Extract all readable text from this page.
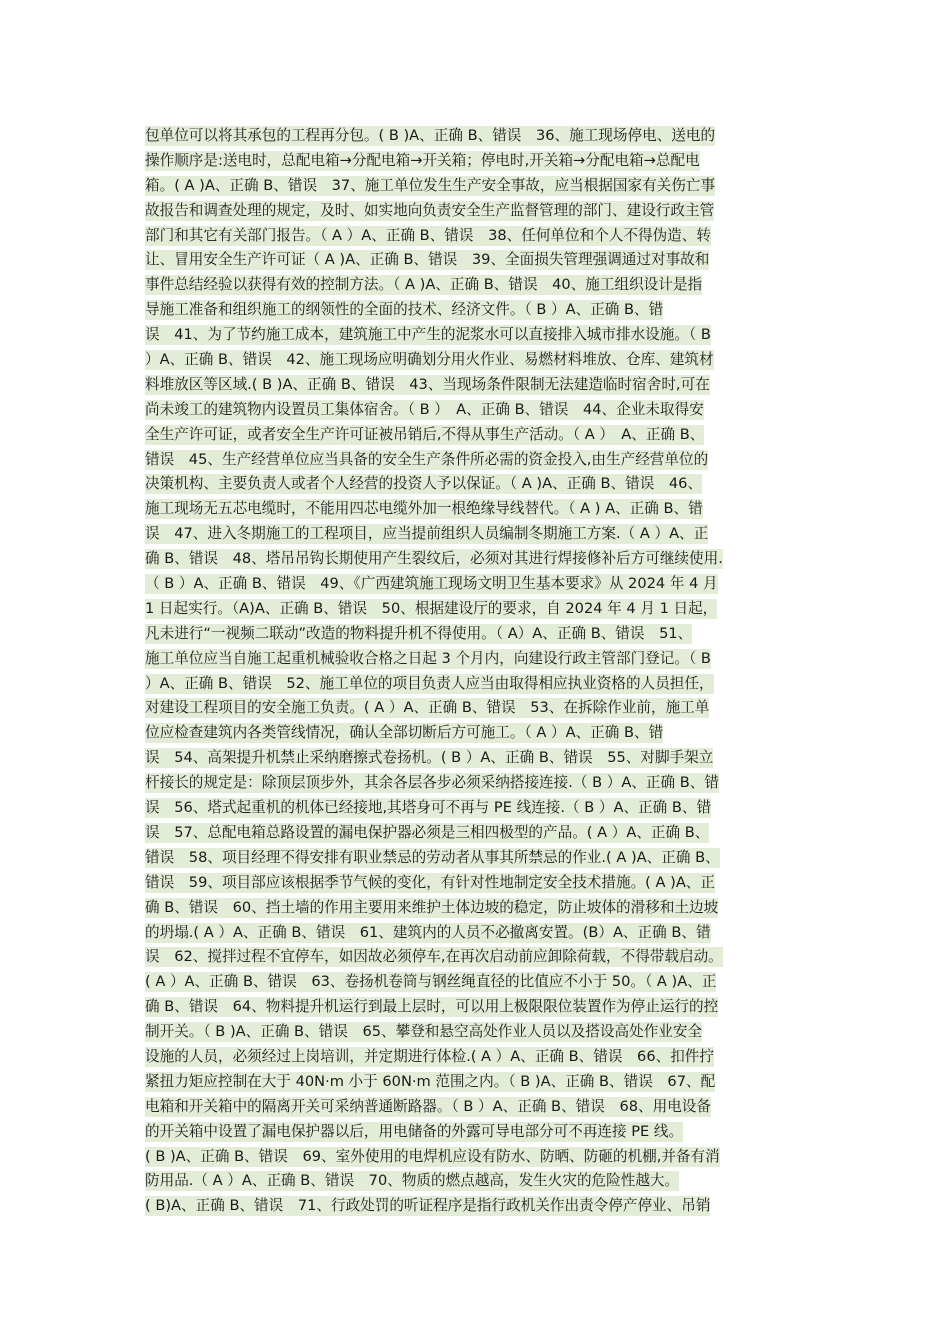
包单位可以将其承包的工程再分包。( B )A、正确 B、错误　36、施工现场停电、送电的
操作顺序是:送电时，总配电箱→分配电箱→开关箱；停电时,开关箱→分配电箱→总配电
箱。( A )A、正确 B、错误　37、施工单位发生生产安全事故，应当根据国家有关伤亡事
故报告和调查处理的规定，及时、如实地向负责安全生产监督管理的部门、建设行政主管
部门和其它有关部门报告。（ A ）A、正确 B、错误　38、任何单位和个人不得伪造、转
让、冒用安全生产许可证（ A )A、正确 B、错误　39、全面损失管理强调通过对事故和
事件总结经验以获得有效的控制方法。（ A )A、正确 B、错误　40、施工组织设计是指
导施工准备和组织施工的纲领性的全面的技术、经济文件。（ B ）A、正确 B、错
误　41、为了节约施工成本，建筑施工中产生的泥浆水可以直接排入城市排水设施。（ B
）A、正确 B、错误　42、施工现场应明确划分用火作业、易燃材料堆放、仓库、建筑材
料堆放区等区域.( B )A、正确 B、错误　43、当现场条件限制无法建造临时宿舍时,可在
尚未竣工的建筑物内设置员工集体宿舍。（ B ）　A、正确 B、错误　44、企业未取得安
全生产许可证，或者安全生产许可证被吊销后,不得从事生产活动。（ A ）　A、正确 B、
错误　45、生产经营单位应当具备的安全生产条件所必需的资金投入,由生产经营单位的
决策机构、主要负责人或者个人经营的投资人予以保证。（ A )A、正确 B、错误　46、
施工现场无五芯电缆时，不能用四芯电缆外加一根绝缘导线替代。（ A ) A、正确 B、错
误　47、进入冬期施工的工程项目，应当提前组织人员编制冬期施工方案.（ A ）A、正
确 B、错误　48、塔吊吊钩长期使用产生裂纹后，必须对其进行焊接修补后方可继续使用.
（ B ）A、正确 B、错误　49、《广西建筑施工现场文明卫生基本要求》从 2024 年 4 月
1 日起实行。（A)A、正确 B、错误　50、根据建设厅的要求，自 2024 年 4 月 1 日起，
凡未进行“一视频二联动”改造的物料提升机不得使用。（ A）A、正确 B、错误　51、
施工单位应当自施工起重机械验收合格之日起 3 个月内，向建设行政主管部门登记。（ B
）A、正确 B、错误　52、施工单位的项目负责人应当由取得相应执业资格的人员担任，
对建设工程项目的安全施工负责。( A ）A、正确 B、错误　53、在拆除作业前，施工单
位应检查建筑内各类管线情况，确认全部切断后方可施工。（ A ）A、正确 B、错
误　54、高架提升机禁止采纳磨擦式卷扬机。( B ）A、正确 B、错误　55、对脚手架立
杆接长的规定是：除顶层顶步外，其余各层各步必须采纳搭接连接.（ B ）A、正确 B、错
误　56、塔式起重机的机体已经接地,其塔身可不再与 PE 线连接.（ B ）A、正确 B、错
误　57、总配电箱总路设置的漏电保护器必须是三相四极型的产品。( A ）A、正确 B、
错误　58、项目经理不得安排有职业禁忌的劳动者从事其所禁忌的作业.( A )A、正确 B、
错误　59、项目部应该根据季节气候的变化，有针对性地制定安全技术措施。( A )A、正
确 B、错误　60、挡土墙的作用主要用来维护土体边坡的稳定，防止坡体的滑移和土边坡
的坍塌.( A ）A、正确 B、错误　61、建筑内的人员不必撤离安置。(B）A、正确 B、错
误　62、搅拌过程不宜停车，如因故必须停车,在再次启动前应卸除荷载，不得带载启动。
( A ）A、正确 B、错误　63、卷扬机卷筒与钢丝绳直径的比值应不小于 50。（ A )A、正
确 B、错误　64、物料提升机运行到最上层时，可以用上极限限位装置作为停止运行的控
制开关。（ B )A、正确 B、错误　65、攀登和悬空高处作业人员以及搭设高处作业安全
设施的人员，必须经过上岗培训，并定期进行体检.( A ）A、正确 B、错误　66、扣件拧
紧扭力矩应控制在大于 40N·m 小于 60N·m 范围之内。（ B )A、正确 B、错误　67、配
电箱和开关箱中的隔离开关可采纳普通断路器。（ B ）A、正确 B、错误　68、用电设备
的开关箱中设置了漏电保护器以后，用电储备的外露可导电部分可不再连接 PE 线。
( B )A、正确 B、错误　69、室外使用的电焊机应设有防水、防晒、防砸的机棚,并备有消
防用品.（ A ）A、正确 B、错误　70、物质的燃点越高，发生火灾的危险性越大。
( B)A、正确 B、错误　71、行政处罚的听证程序是指行政机关作出责令停产停业、吊销
